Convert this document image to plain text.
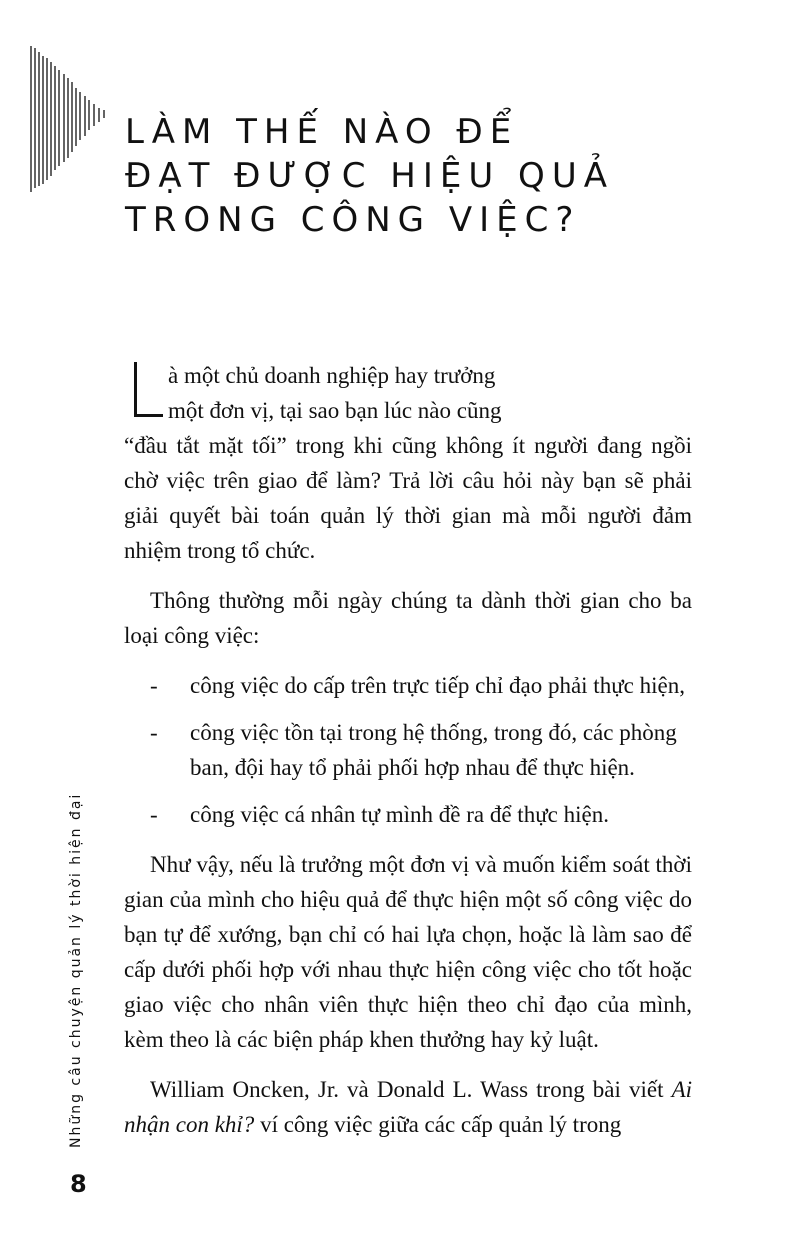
LÀM THẾ NÀO ĐỂ
ĐẠT ĐƯỢC HIỆU QUẢ
TRONG CÔNG VIỆC?

à một chủ doanh nghiệp hay trưởng
một đơn vị, tại sao bạn lúc nào cũng
“đầu tắt mặt tối” trong khi cũng không ít người đang ngồi chờ việc trên giao để làm? Trả lời câu hỏi này bạn sẽ phải giải quyết bài toán quản lý thời gian mà mỗi người đảm nhiệm trong tổ chức.

Thông thường mỗi ngày chúng ta dành thời gian cho ba loại công việc:

- công việc do cấp trên trực tiếp chỉ đạo phải thực hiện,
- công việc tồn tại trong hệ thống, trong đó, các phòng ban, đội hay tổ phải phối hợp nhau để thực hiện.
- công việc cá nhân tự mình đề ra để thực hiện.

Như vậy, nếu là trưởng một đơn vị và muốn kiểm soát thời gian của mình cho hiệu quả để thực hiện một số công việc do bạn tự để xướng, bạn chỉ có hai lựa chọn, hoặc là làm sao để cấp dưới phối hợp với nhau thực hiện công việc cho tốt hoặc giao việc cho nhân viên thực hiện theo chỉ đạo của mình, kèm theo là các biện pháp khen thưởng hay kỷ luật.

William Oncken, Jr. và Donald L. Wass trong bài viết Ai nhận con khỉ? ví công việc giữa các cấp quản lý trong

Những câu chuyện quản lý thời hiện đại
8
